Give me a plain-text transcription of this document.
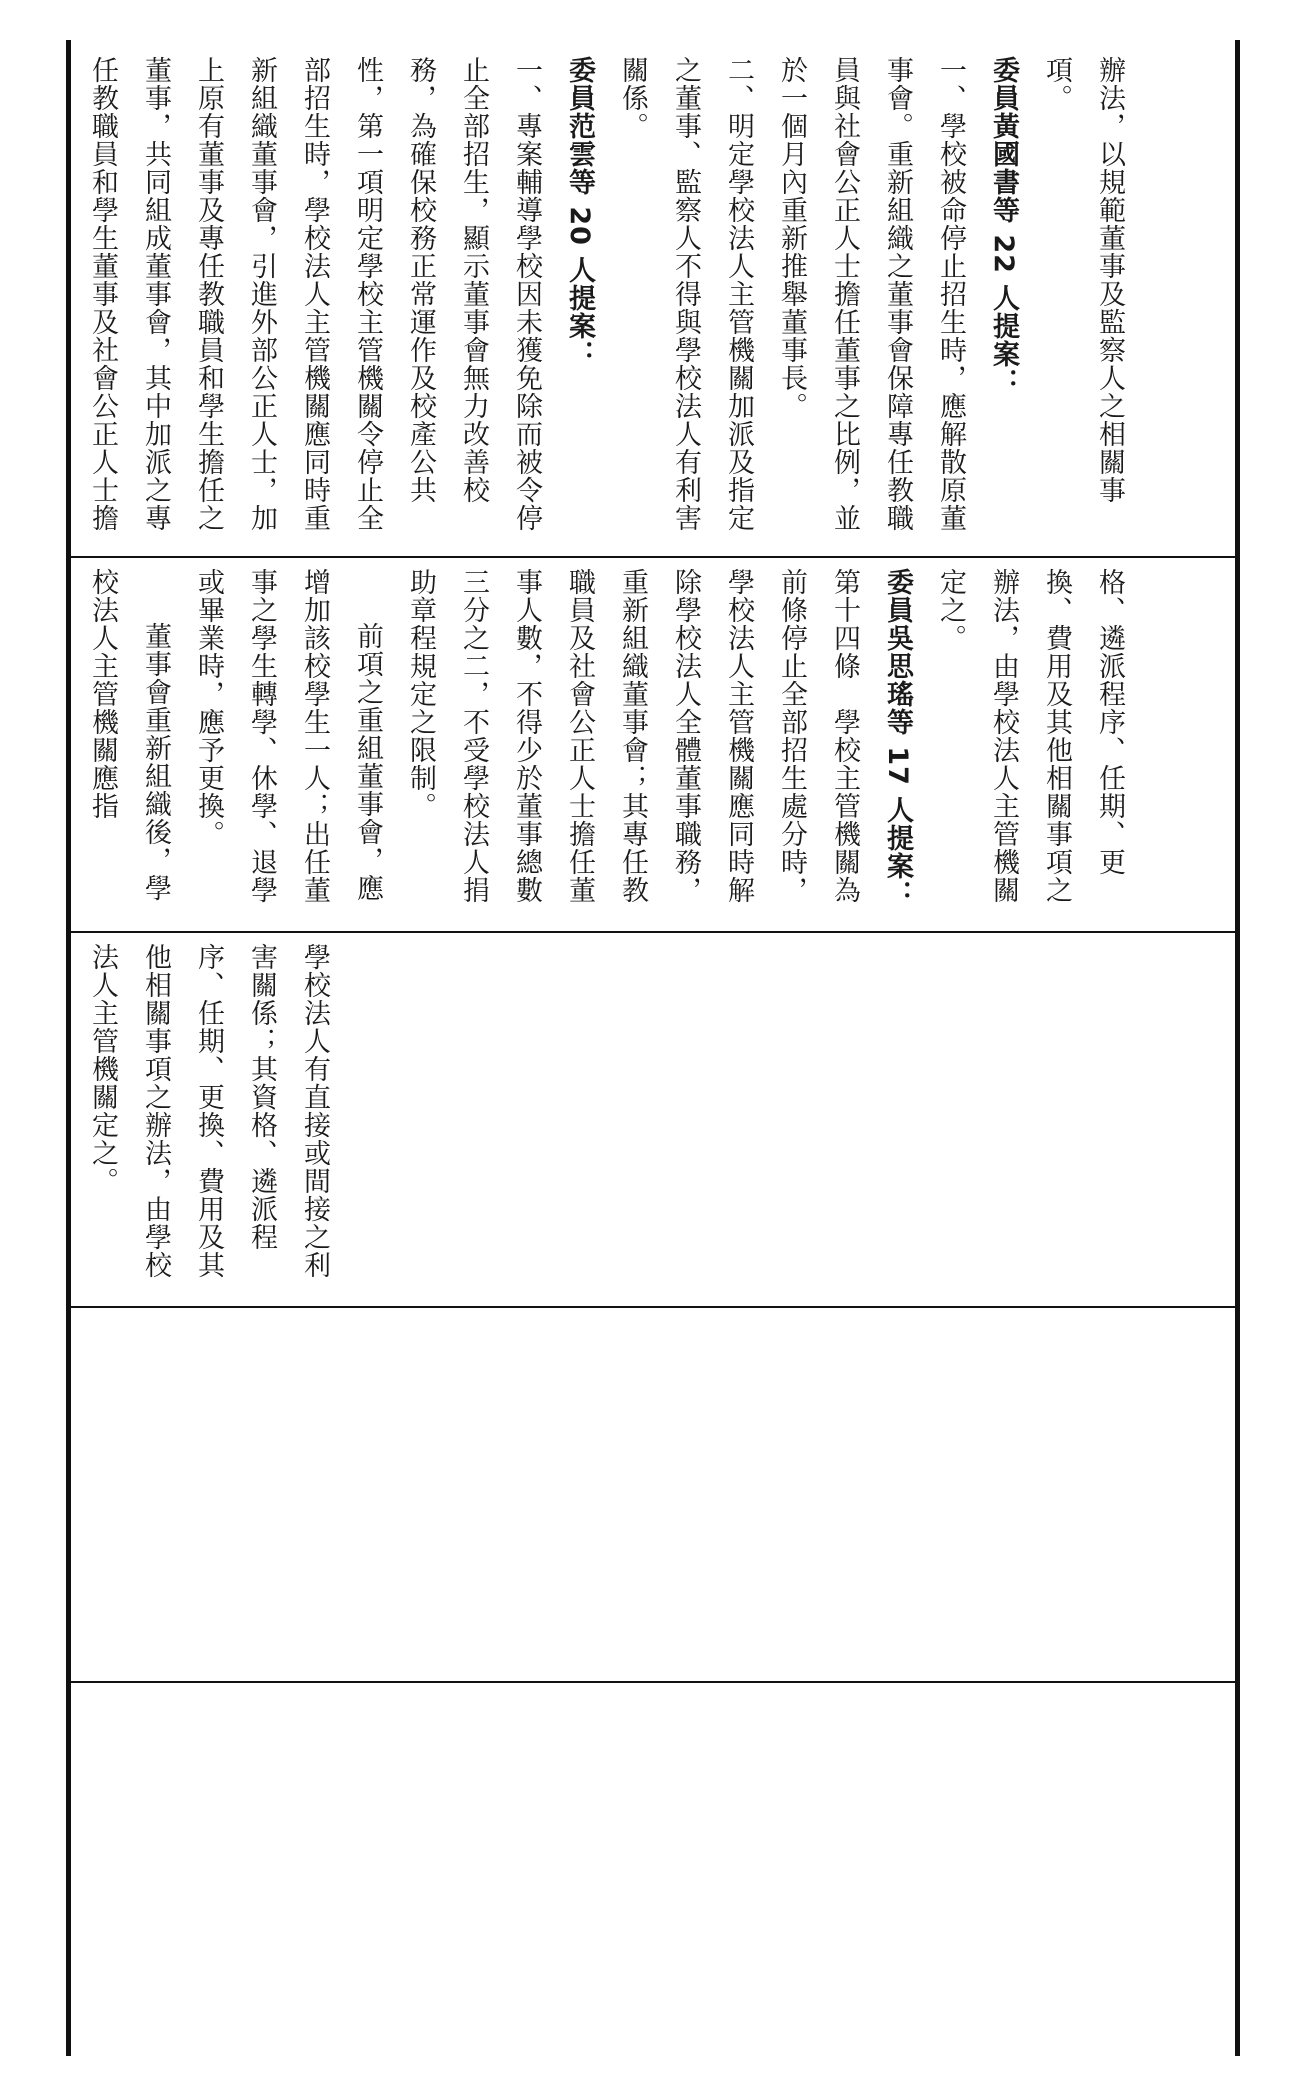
辦法，以規範董事及監察人之相關事項。

委員黃國書等 22 人提案：

一、學校被命停止招生時，應解散原董事會。重新組織之董事會保障專任教職員與社會公正人士擔任董事之比例，並於一個月內重新推舉董事長。

二、明定學校法人主管機關加派及指定之董事、監察人不得與學校法人有利害關係。

委員范雲等 20 人提案：

一、專案輔導學校因未獲免除而被令停止全部招生，顯示董事會無力改善校務，為確保校務正常運作及校產公共性，第一項明定學校主管機關令停止全部招生時，學校法人主管機關應同時重新組織董事會，引進外部公正人士，加上原有董事及專任教職員和學生擔任之董事，共同組成董事會，其中加派之專任教職員和學生董事及社會公正人士擔

格、遴派程序、任期、更換、費用及其他相關事項之辦法，由學校法人主管機關定之。

委員吳思瑤等 17 人提案：

第十四條　學校主管機關為前條停止全部招生處分時，學校法人主管機關應同時解除學校法人全體董事職務，重新組織董事會；其專任教職員及社會公正人士擔任董事人數，不得少於董事總數三分之二，不受學校法人捐助章程規定之限制。

前項之重組董事會，應增加該校學生一人；出任董事之學生轉學、休學、退學或畢業時，應予更換。

董事會重新組織後，學校法人主管機關應指

學校法人有直接或間接之利害關係；其資格、遴派程序、任期、更換、費用及其他相關事項之辦法，由學校法人主管機關定之。
